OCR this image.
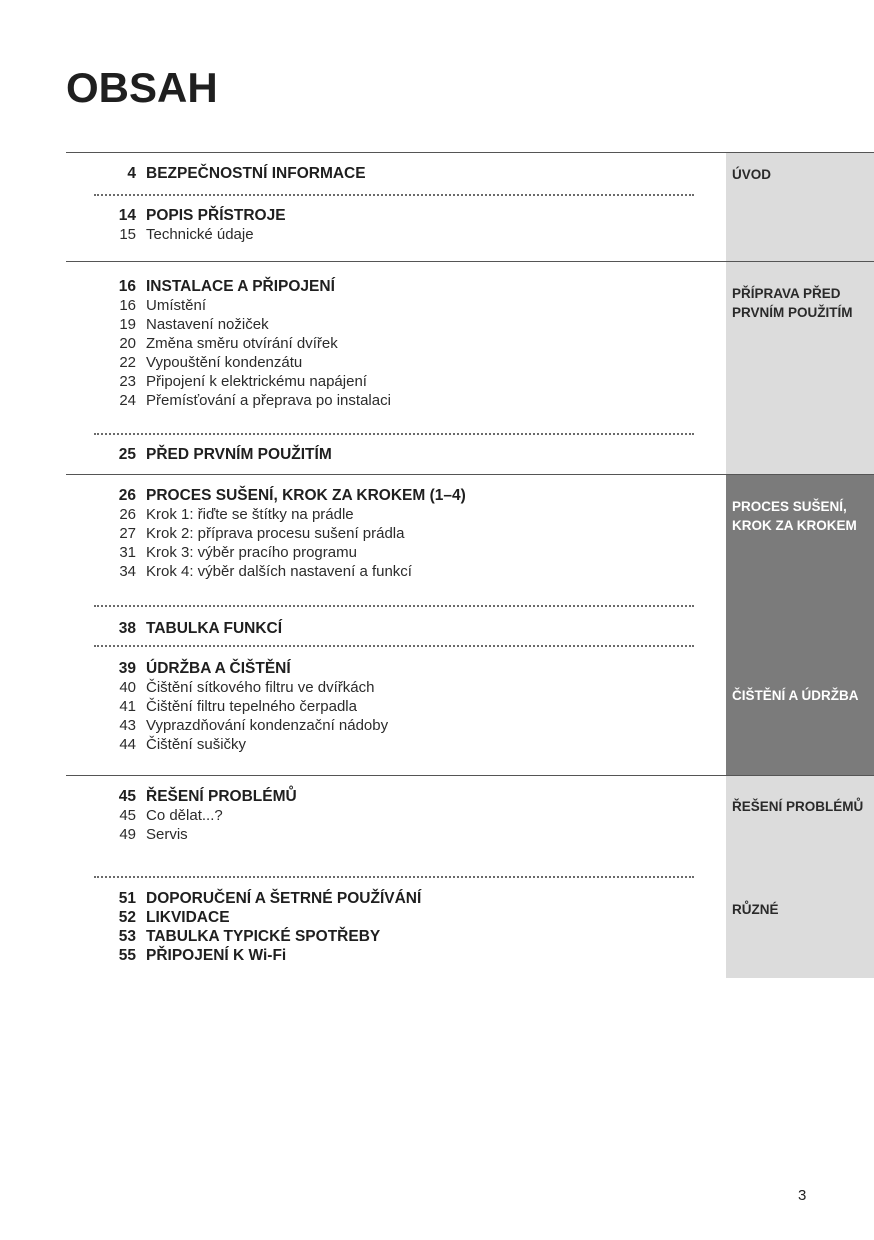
OBSAH
ÚVOD
4 BEZPEČNOSTNÍ INFORMACE
14 POPIS PŘÍSTROJE
15 Technické údaje
PŘÍPRAVA PŘED PRVNÍM POUŽITÍM
16 INSTALACE A PŘIPOJENÍ
16 Umístění
19 Nastavení nožiček
20 Změna směru otvírání dvířek
22 Vypouštění kondenzátu
23 Připojení k elektrickému napájení
24 Přemísťování a přeprava po instalaci
25 PŘED PRVNÍM POUŽITÍM
PROCES SUŠENÍ, KROK ZA KROKEM
ČIŠTĚNÍ A ÚDRŽBA
26 PROCES SUŠENÍ, KROK ZA KROKEM (1–4)
26 Krok 1: řiďte se štítky na prádle
27 Krok 2: příprava procesu sušení prádla
31 Krok 3: výběr pracího programu
34 Krok 4: výběr dalších nastavení a funkcí
38 TABULKA FUNKCÍ
39 ÚDRŽBA A ČIŠTĚNÍ
40 Čištění sítkového filtru ve dvířkách
41 Čištění filtru tepelného čerpadla
43 Vyprazdňování kondenzační nádoby
44 Čištění sušičky
ŘEŠENÍ PROBLÉMŮ
RŮZNÉ
45 ŘEŠENÍ PROBLÉMŮ
45 Co dělat...?
49 Servis
51 DOPORUČENÍ A ŠETRNÉ POUŽÍVÁNÍ
52 LIKVIDACE
53 TABULKA TYPICKÉ SPOTŘEBY
55 PŘIPOJENÍ K Wi-Fi
3
